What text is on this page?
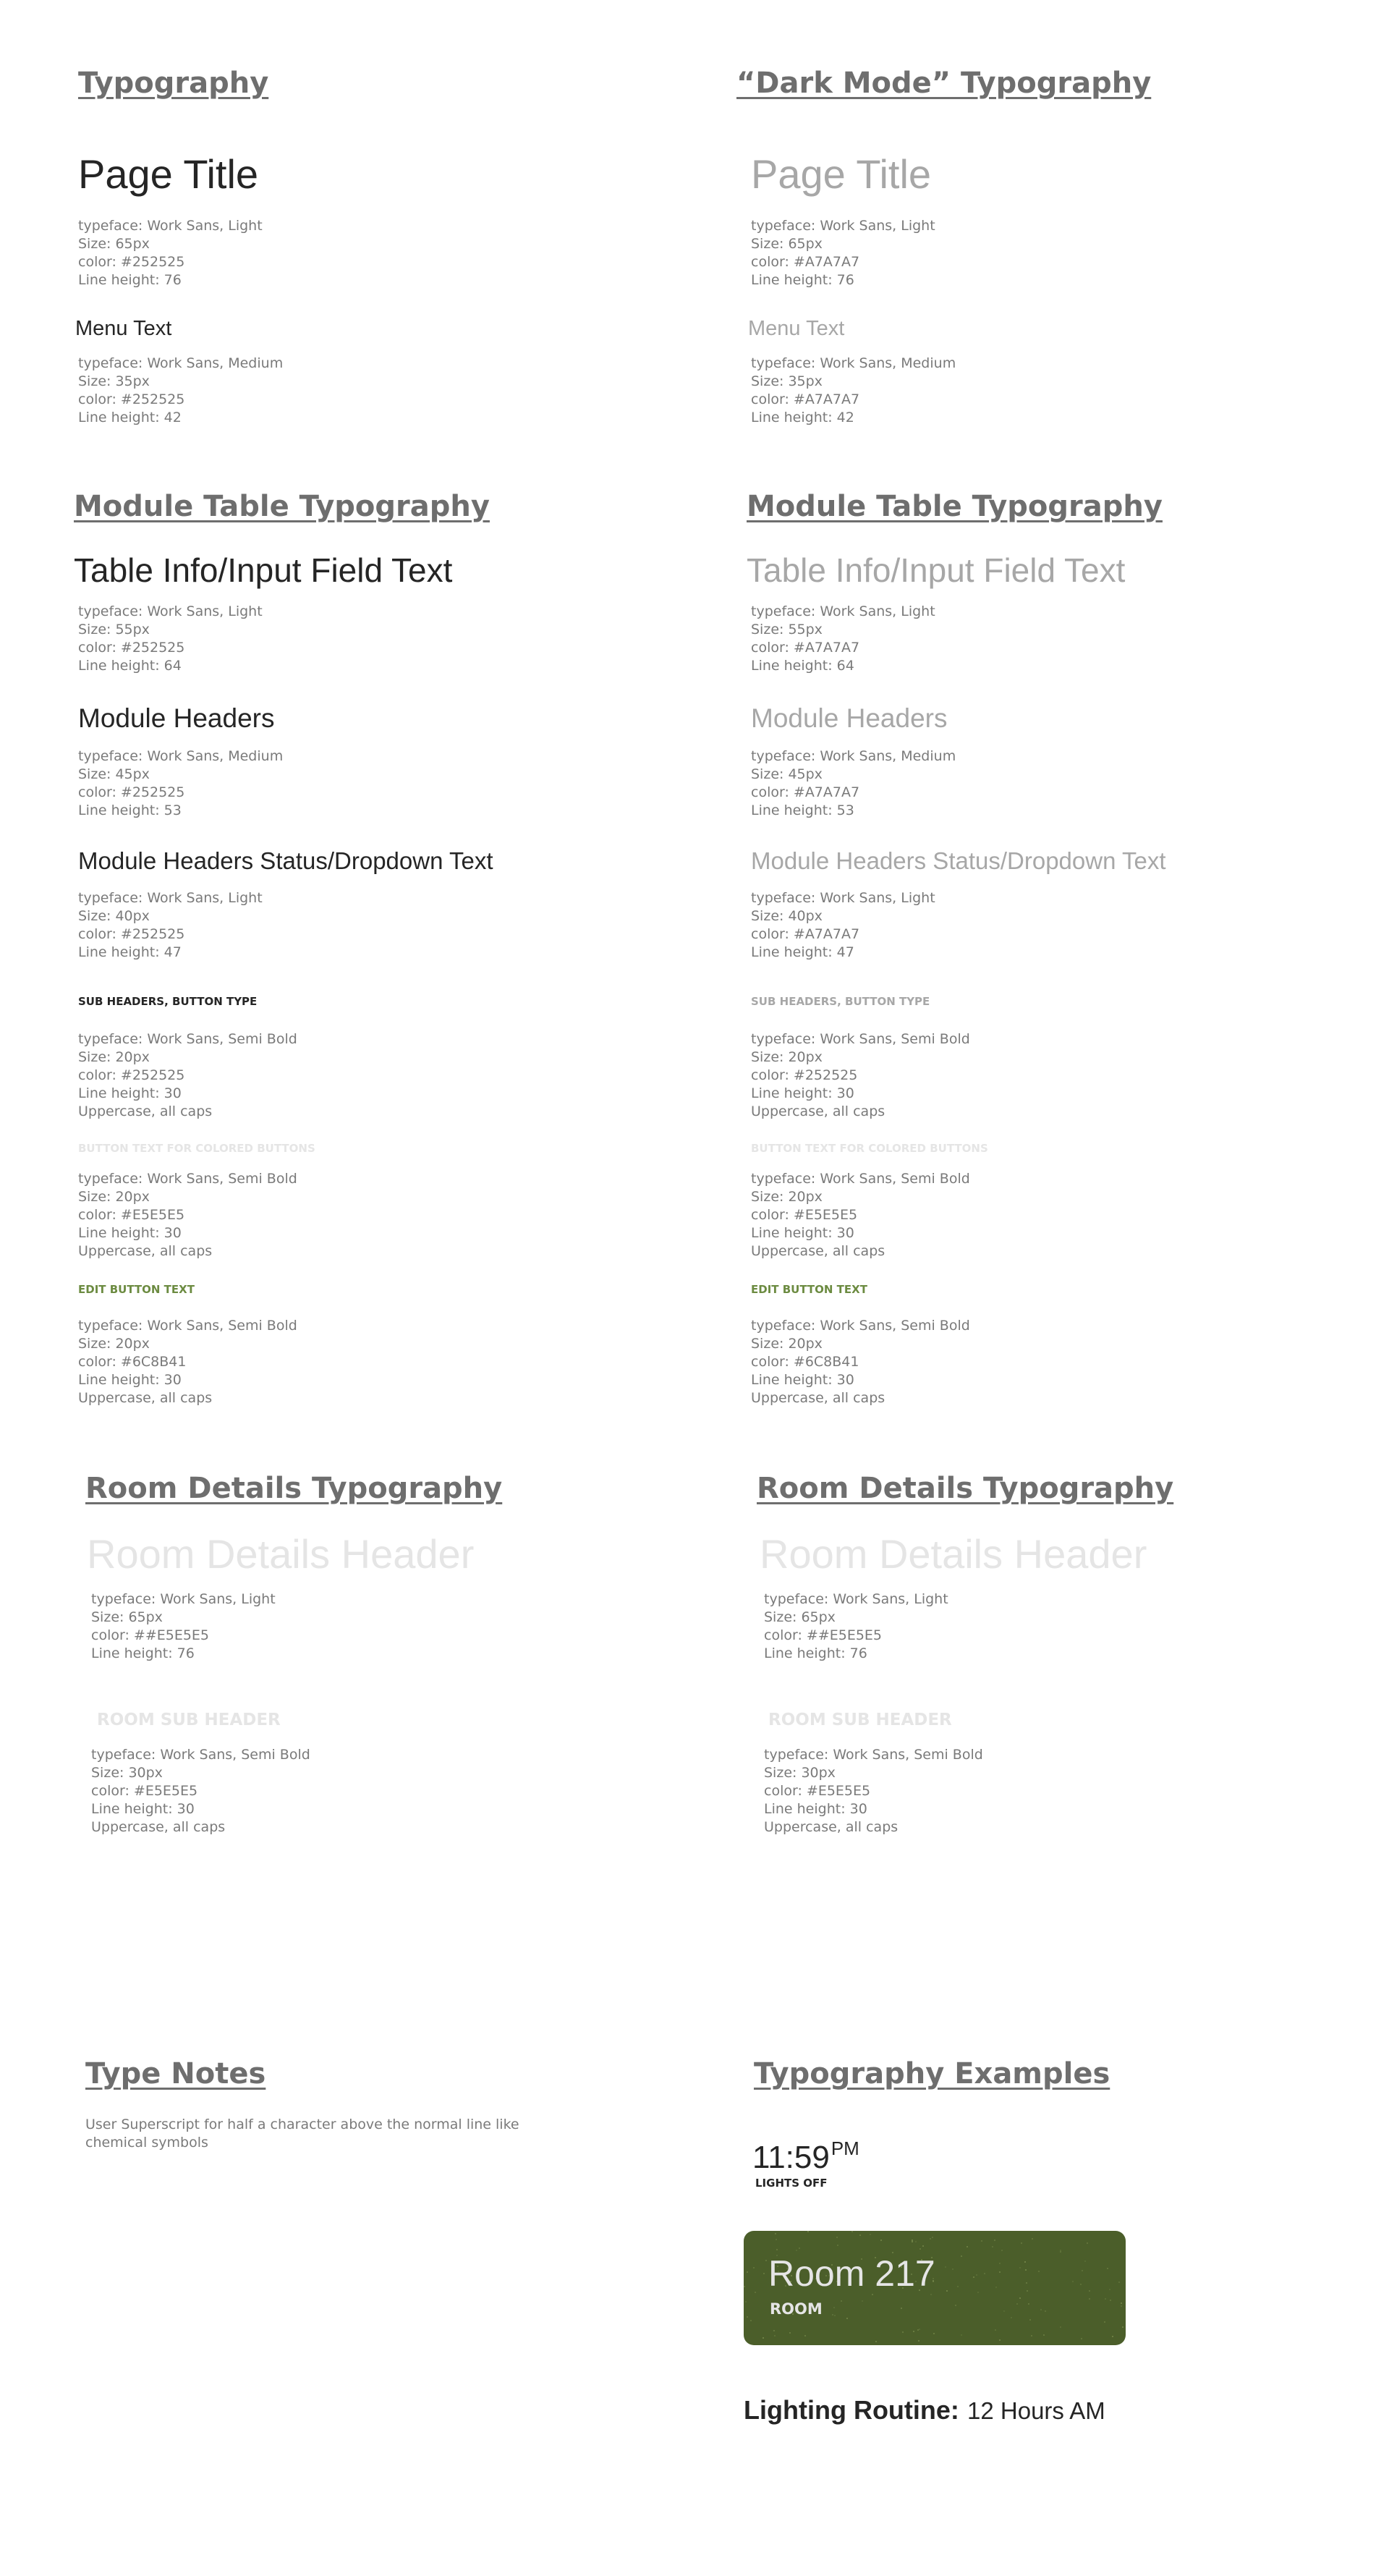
Typography	“Dark Mode” Typography
Module Table Typography	Module Table Typography
Room Details Typography	Room Details Typography
Type Notes	Typography Examples
Page Title
typeface: Work Sans, Light
Size: 65px
color: #252525
Line height: 76
Menu Text
typeface: Work Sans, Medium
Size: 35px
color: #252525
Line height: 42
Table Info/Input Field Text
typeface: Work Sans, Light
Size: 55px
color: #252525
Line height: 64
Module Headers
typeface: Work Sans, Medium
Size: 45px
color: #252525
Line height: 53
Module Headers Status/Dropdown Text
typeface: Work Sans, Light
Size: 40px
color: #252525
Line height: 47
SUB HEADERS, BUTTON TYPE
typeface: Work Sans, Semi Bold
Size: 20px
color: #252525
Line height: 30
Uppercase, all caps
BUTTON TEXT FOR COLORED BUTTONS
typeface: Work Sans, Semi Bold
Size: 20px
color: #E5E5E5
Line height: 30
Uppercase, all caps
EDIT BUTTON TEXT
typeface: Work Sans, Semi Bold
Size: 20px
color: #6C8B41
Line height: 30
Uppercase, all caps
Room Details Header
typeface: Work Sans, Light
Size: 65px
color: ##E5E5E5
Line height: 76
ROOM SUB HEADER
typeface: Work Sans, Semi Bold
Size: 30px
color: #E5E5E5
Line height: 30
Uppercase, all caps
Page Title
typeface: Work Sans, Light
Size: 65px
color: #A7A7A7
Line height: 76
Menu Text
typeface: Work Sans, Medium
Size: 35px
color: #A7A7A7
Line height: 42
Table Info/Input Field Text
typeface: Work Sans, Light
Size: 55px
color: #A7A7A7
Line height: 64
Module Headers
typeface: Work Sans, Medium
Size: 45px
color: #A7A7A7
Line height: 53
Module Headers Status/Dropdown Text
typeface: Work Sans, Light
Size: 40px
color: #A7A7A7
Line height: 47
SUB HEADERS, BUTTON TYPE
typeface: Work Sans, Semi Bold
Size: 20px
color: #252525
Line height: 30
Uppercase, all caps
BUTTON TEXT FOR COLORED BUTTONS
typeface: Work Sans, Semi Bold
Size: 20px
color: #E5E5E5
Line height: 30
Uppercase, all caps
EDIT BUTTON TEXT
typeface: Work Sans, Semi Bold
Size: 20px
color: #6C8B41
Line height: 30
Uppercase, all caps
Room Details Header
typeface: Work Sans, Light
Size: 65px
color: ##E5E5E5
Line height: 76
ROOM SUB HEADER
typeface: Work Sans, Semi Bold
Size: 30px
color: #E5E5E5
Line height: 30
Uppercase, all caps
User Superscript for half a character above the normal line like
chemical symbols	11:59PM
LIGHTS OFF
Room 217
ROOM
Lighting Routine: 12 Hours AM
